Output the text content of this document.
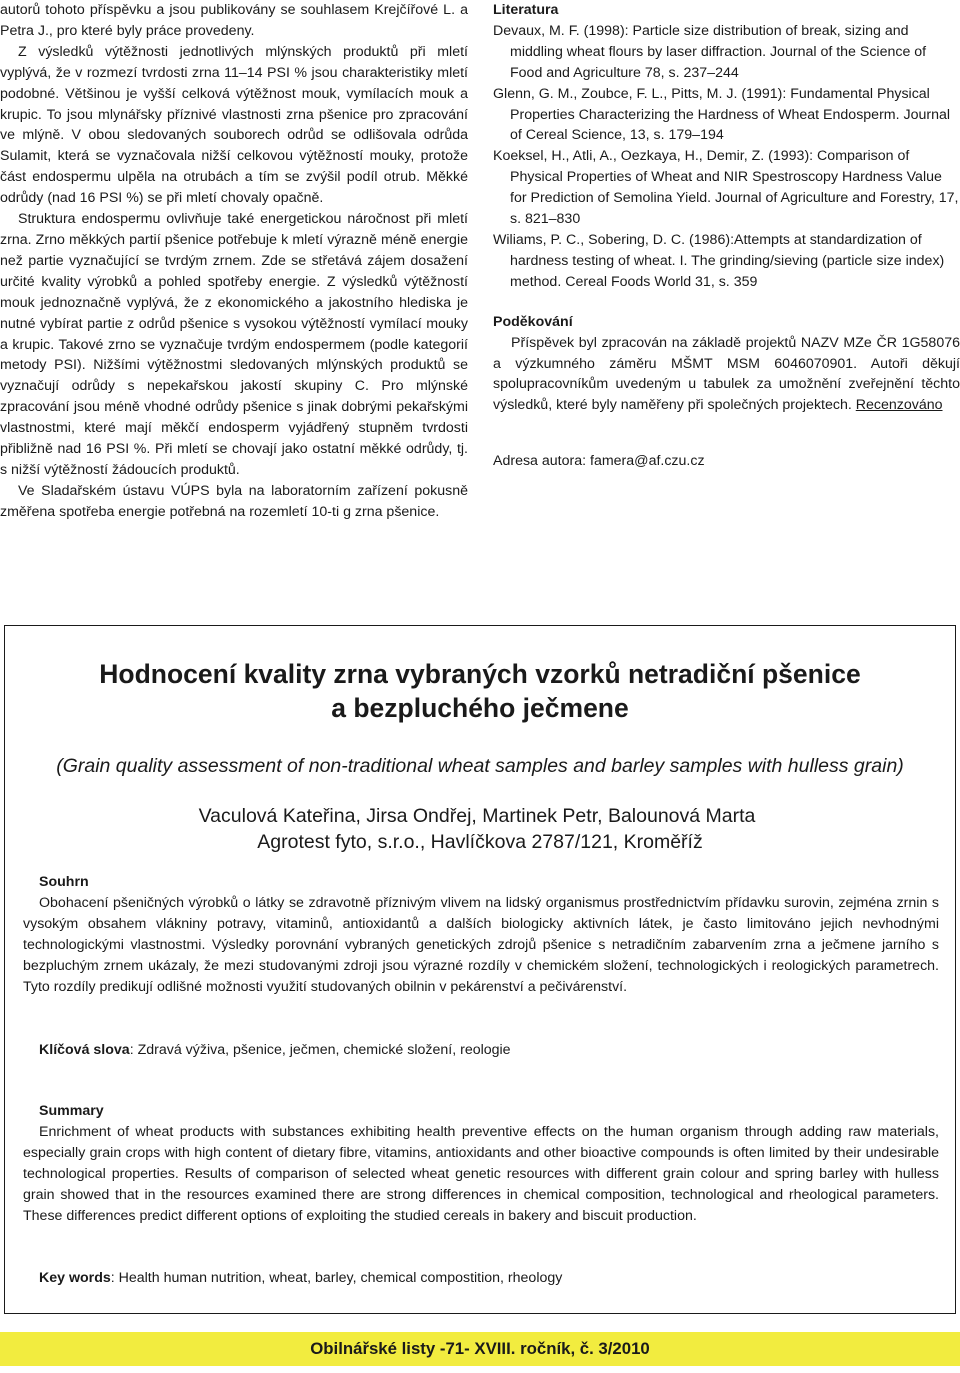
autorů tohoto příspěvku a jsou publikovány se souhlasem Krejčířové L. a Petra J., pro které byly práce provedeny.

Z výsledků výtěžnosti jednotlivých mlýnských produktů při mletí vyplývá, že v rozmezí tvrdosti zrna 11–14 PSI % jsou charakteristiky mletí podobné. Většinou je vyšší celková výtěžnost mouk, vymílacích mouk a krupic. To jsou mlynářsky příznivé vlastnosti zrna pšenice pro zpracování ve mlýně. V obou sledovaných souborech odrůd se odlišovala odrůda Sulamit, která se vyznačovala nižší celkovou výtěžností mouky, protože část endospermu ulpěla na otrubách a tím se zvýšil podíl otrub. Měkké odrůdy (nad 16 PSI %) se při mletí chovaly opačně.

Struktura endospermu ovlivňuje také energetickou náročnost při mletí zrna. Zrno měkkých partií pšenice potřebuje k mletí výrazně méně energie než partie vyznačující se tvrdým zrnem. Zde se střetává zájem dosažení určité kvality výrobků a pohled spotřeby energie. Z výsledků výtěžností mouk jednoznačně vyplývá, že z ekonomického a jakostního hlediska je nutné vybírat partie z odrůd pšenice s vysokou výtěžností vymílací mouky a krupic. Takové zrno se vyznačuje tvrdým endospermem (podle kategorií metody PSI). Nižšími výtěžnostmi sledovaných mlýnských produktů se vyznačují odrůdy s nepekařskou jakostí skupiny C. Pro mlýnské zpracování jsou méně vhodné odrůdy pšenice s jinak dobrými pekařskými vlastnostmi, které mají měkčí endosperm vyjádřený stupněm tvrdosti přibližně nad 16 PSI %. Při mletí se chovají jako ostatní měkké odrůdy, tj. s nižší výtěžností žádoucích produktů.

Ve Sladařském ústavu VÚPS byla na laboratorním zařízení pokusně změřena spotřeba energie potřebná na rozemletí 10-ti g zrna pšenice.

Literatura

Devaux, M. F. (1998): Particle size distribution of break, sizing and middling wheat flours by laser diffraction. Journal of the Science of Food and Agriculture 78, s. 237–244

Glenn, G. M., Zoubce, F. L., Pitts, M. J. (1991): Fundamental Physical Properties Characterizing the Hardness of Wheat Endosperm. Journal of Cereal Science, 13, s. 179–194

Koeksel, H., Atli, A., Oezkaya, H., Demir, Z. (1993): Comparison of Physical Properties of Wheat and NIR Spestroscopy Hardness Value for Prediction of Semolina Yield. Journal of Agriculture and Forestry, 17, s. 821–830

Wiliams, P. C., Sobering, D. C. (1986):Attempts at standardization of hardness testing of wheat. I. The grinding/sieving (particle size index) method. Cereal Foods World 31, s. 359

Poděkování

Příspěvek byl zpracován na základě projektů NAZV MZe ČR 1G58076 a výzkumného záměru MŠMT MSM 6046070901. Autoři děkují spolupracovníkům uvedeným u tabulek za umožnění zveřejnění těchto výsledků, které byly naměřeny při společných projektech. Recenzováno

Adresa autora: famera@af.czu.cz

Hodnocení kvality zrna vybraných vzorků netradiční pšenice
a bezpluchého ječmene

(Grain quality assessment of non-traditional wheat samples and barley samples with hulless grain)

Vaculová Kateřina, Jirsa Ondřej, Martinek Petr, Balounová Marta
Agrotest fyto, s.r.o., Havlíčkova 2787/121, Kroměříž
Souhrn

Obohacení pšeničných výrobků o látky se zdravotně příznivým vlivem na lidský organismus prostřednictvím přídavku surovin, zejména zrnin s vysokým obsahem vlákniny potravy, vitaminů, antioxidantů a dalších biologicky aktivních látek, je často limitováno jejich nevhodnými technologickými vlastnostmi. Výsledky porovnání vybraných genetických zdrojů pšenice s netradičním zabarvením zrna a ječmene jarního s bezpluchým zrnem ukázaly, že mezi studovanými zdroji jsou výrazné rozdíly v chemickém složení, technologických i reologických parametrech. Tyto rozdíly predikují odlišné možnosti využití studovaných obilnin v pekárenství a pečivárenství.

Klíčová slova: Zdravá výživa, pšenice, ječmen, chemické složení, reologie
Summary

Enrichment of wheat products with substances exhibiting health preventive effects on the human organism through adding raw materials, especially grain crops with high content of dietary fibre, vitamins, antioxidants and other bioactive compounds is often limited by their undesirable technological properties. Results of comparison of selected wheat genetic resources with different grain colour and spring barley with hulless grain showed that in the resources examined there are strong differences in chemical composition, technological and rheological parameters. These differences predict different options of exploiting the studied cereals in bakery and biscuit production.

Key words: Health human nutrition, wheat, barley, chemical compostition, rheology
Obilnářské listy -71- XVIII. ročník, č. 3/2010
